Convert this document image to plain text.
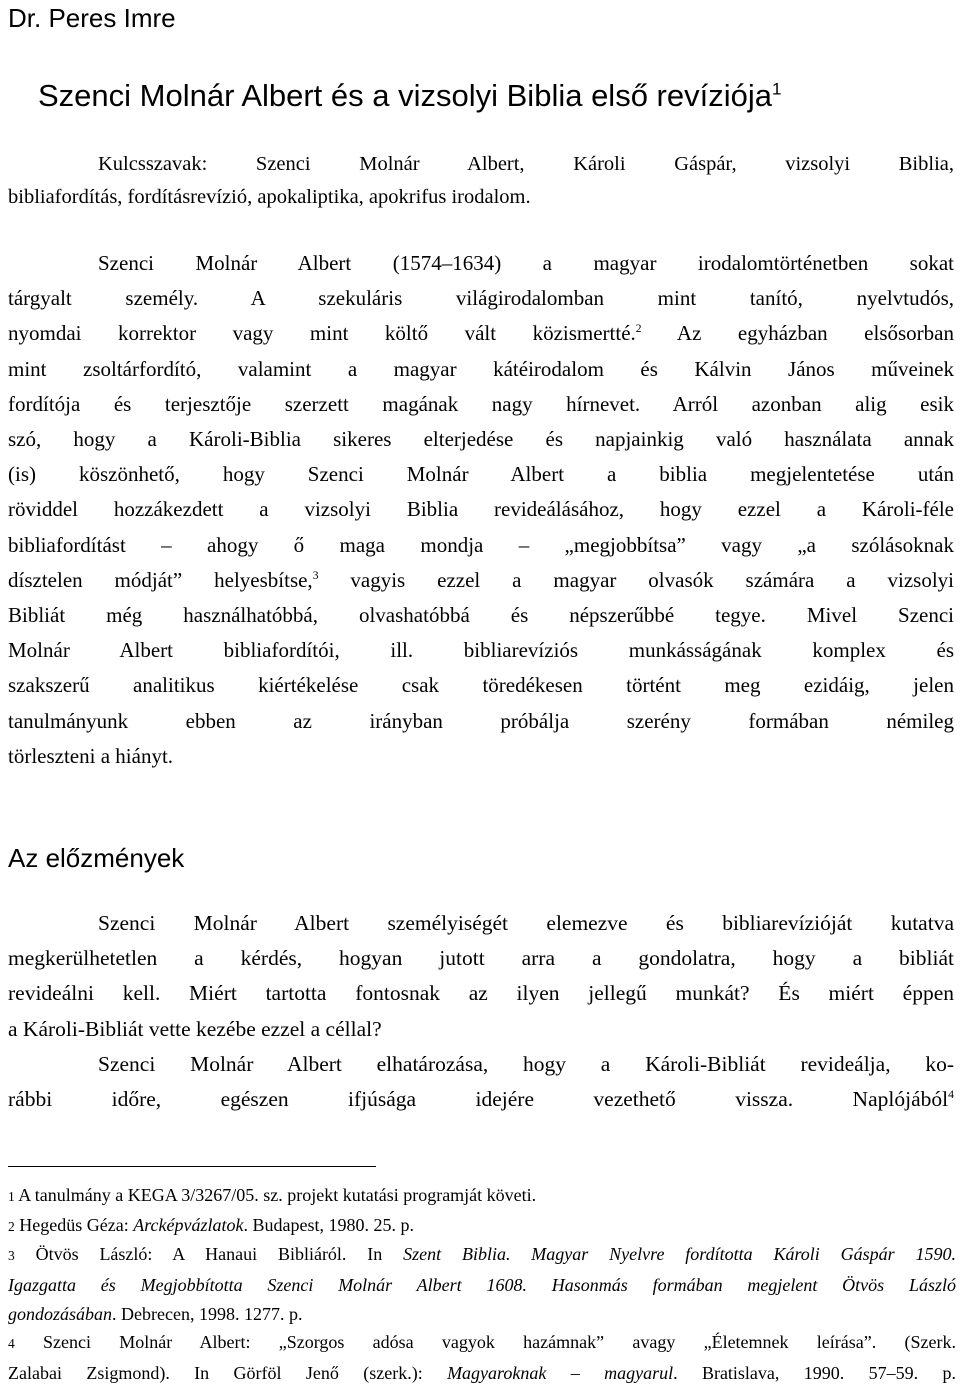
Dr. Peres Imre
Szenci Molnár Albert és a vizsolyi Biblia első revíziója$^1$
Kulcsszavak: Szenci Molnár Albert, Károli Gáspár, vizsolyi Biblia,
bibliafordítás, fordításrevízió, apokaliptika, apokrifus irodalom.
Szenci Molnár Albert (1574–1634) a magyar irodalomtörténetben sokat
tárgyalt személy. A szekuláris világirodalomban mint tanító, nyelvtudós,
nyomdai korrektor vagy mint költő vált közismertté.$^2$ Az egyházban elsősorban
mint zsoltárfordító, valamint a magyar kátéirodalom és Kálvin János műveinek
fordítója és terjesztője szerzett magának nagy hírnevet. Arról azonban alig esik
szó, hogy a Károli-Biblia sikeres elterjedése és napjainkig való használata annak
(is) köszönhető, hogy Szenci Molnár Albert a biblia megjelentetése után
röviddel hozzákezdett a vizsolyi Biblia revideálásához, hogy ezzel a Károli-féle
bibliafordítást – ahogy ő maga mondja – „megjobbítsa” vagy „a szólásoknak
dísztelen módját” helyesbítse,$^3$ vagyis ezzel a magyar olvasók számára a vizsolyi
Bibliát még használhatóbbá, olvashatóbbá és népszerűbbé tegye. Mivel Szenci
Molnár Albert bibliafordítói, ill. bibliarevíziós munkásságának komplex és
szakszerű analitikus kiértékelése csak töredékesen történt meg ezidáig, jelen
tanulmányunk ebben az irányban próbálja szerény formában némileg
törleszteni a hiányt.
Az előzmények
Szenci Molnár Albert személyiségét elemezve és bibliarevízióját kutatva
megkerülhetetlen a kérdés, hogyan jutott arra a gondolatra, hogy a bibliát
revideálni kell. Miért tartotta fontosnak az ilyen jellegű munkát? És miért éppen
a Károli-Bibliát vette kezébe ezzel a céllal?
Szenci Molnár Albert elhatározása, hogy a Károli-Bibliát revideálja, ko-
rábbi időre, egészen ifjúsága idejére vezethető vissza. Naplójából$^4$
1 A tanulmány a KEGA 3/3267/05. sz. projekt kutatási programját követi.
2 Hegedüs Géza: Arcképvázlatok. Budapest, 1980. 25. p.
3 Ötvös László: A Hanaui Bibliáról. In Szent Biblia. Magyar Nyelvre fordította Károli Gáspár 1590.
Igazgatta és Megjobbította Szenci Molnár Albert 1608. Hasonmás formában megjelent Ötvös László
gondozásában. Debrecen, 1998. 1277. p.
4 Szenci Molnár Albert: „Szorgos adósa vagyok hazámnak” avagy „Életemnek leírása”. (Szerk.
Zalabai Zsigmond). In Görföl Jenő (szerk.): Magyaroknak – magyarul. Bratislava, 1990. 57–59. p.
